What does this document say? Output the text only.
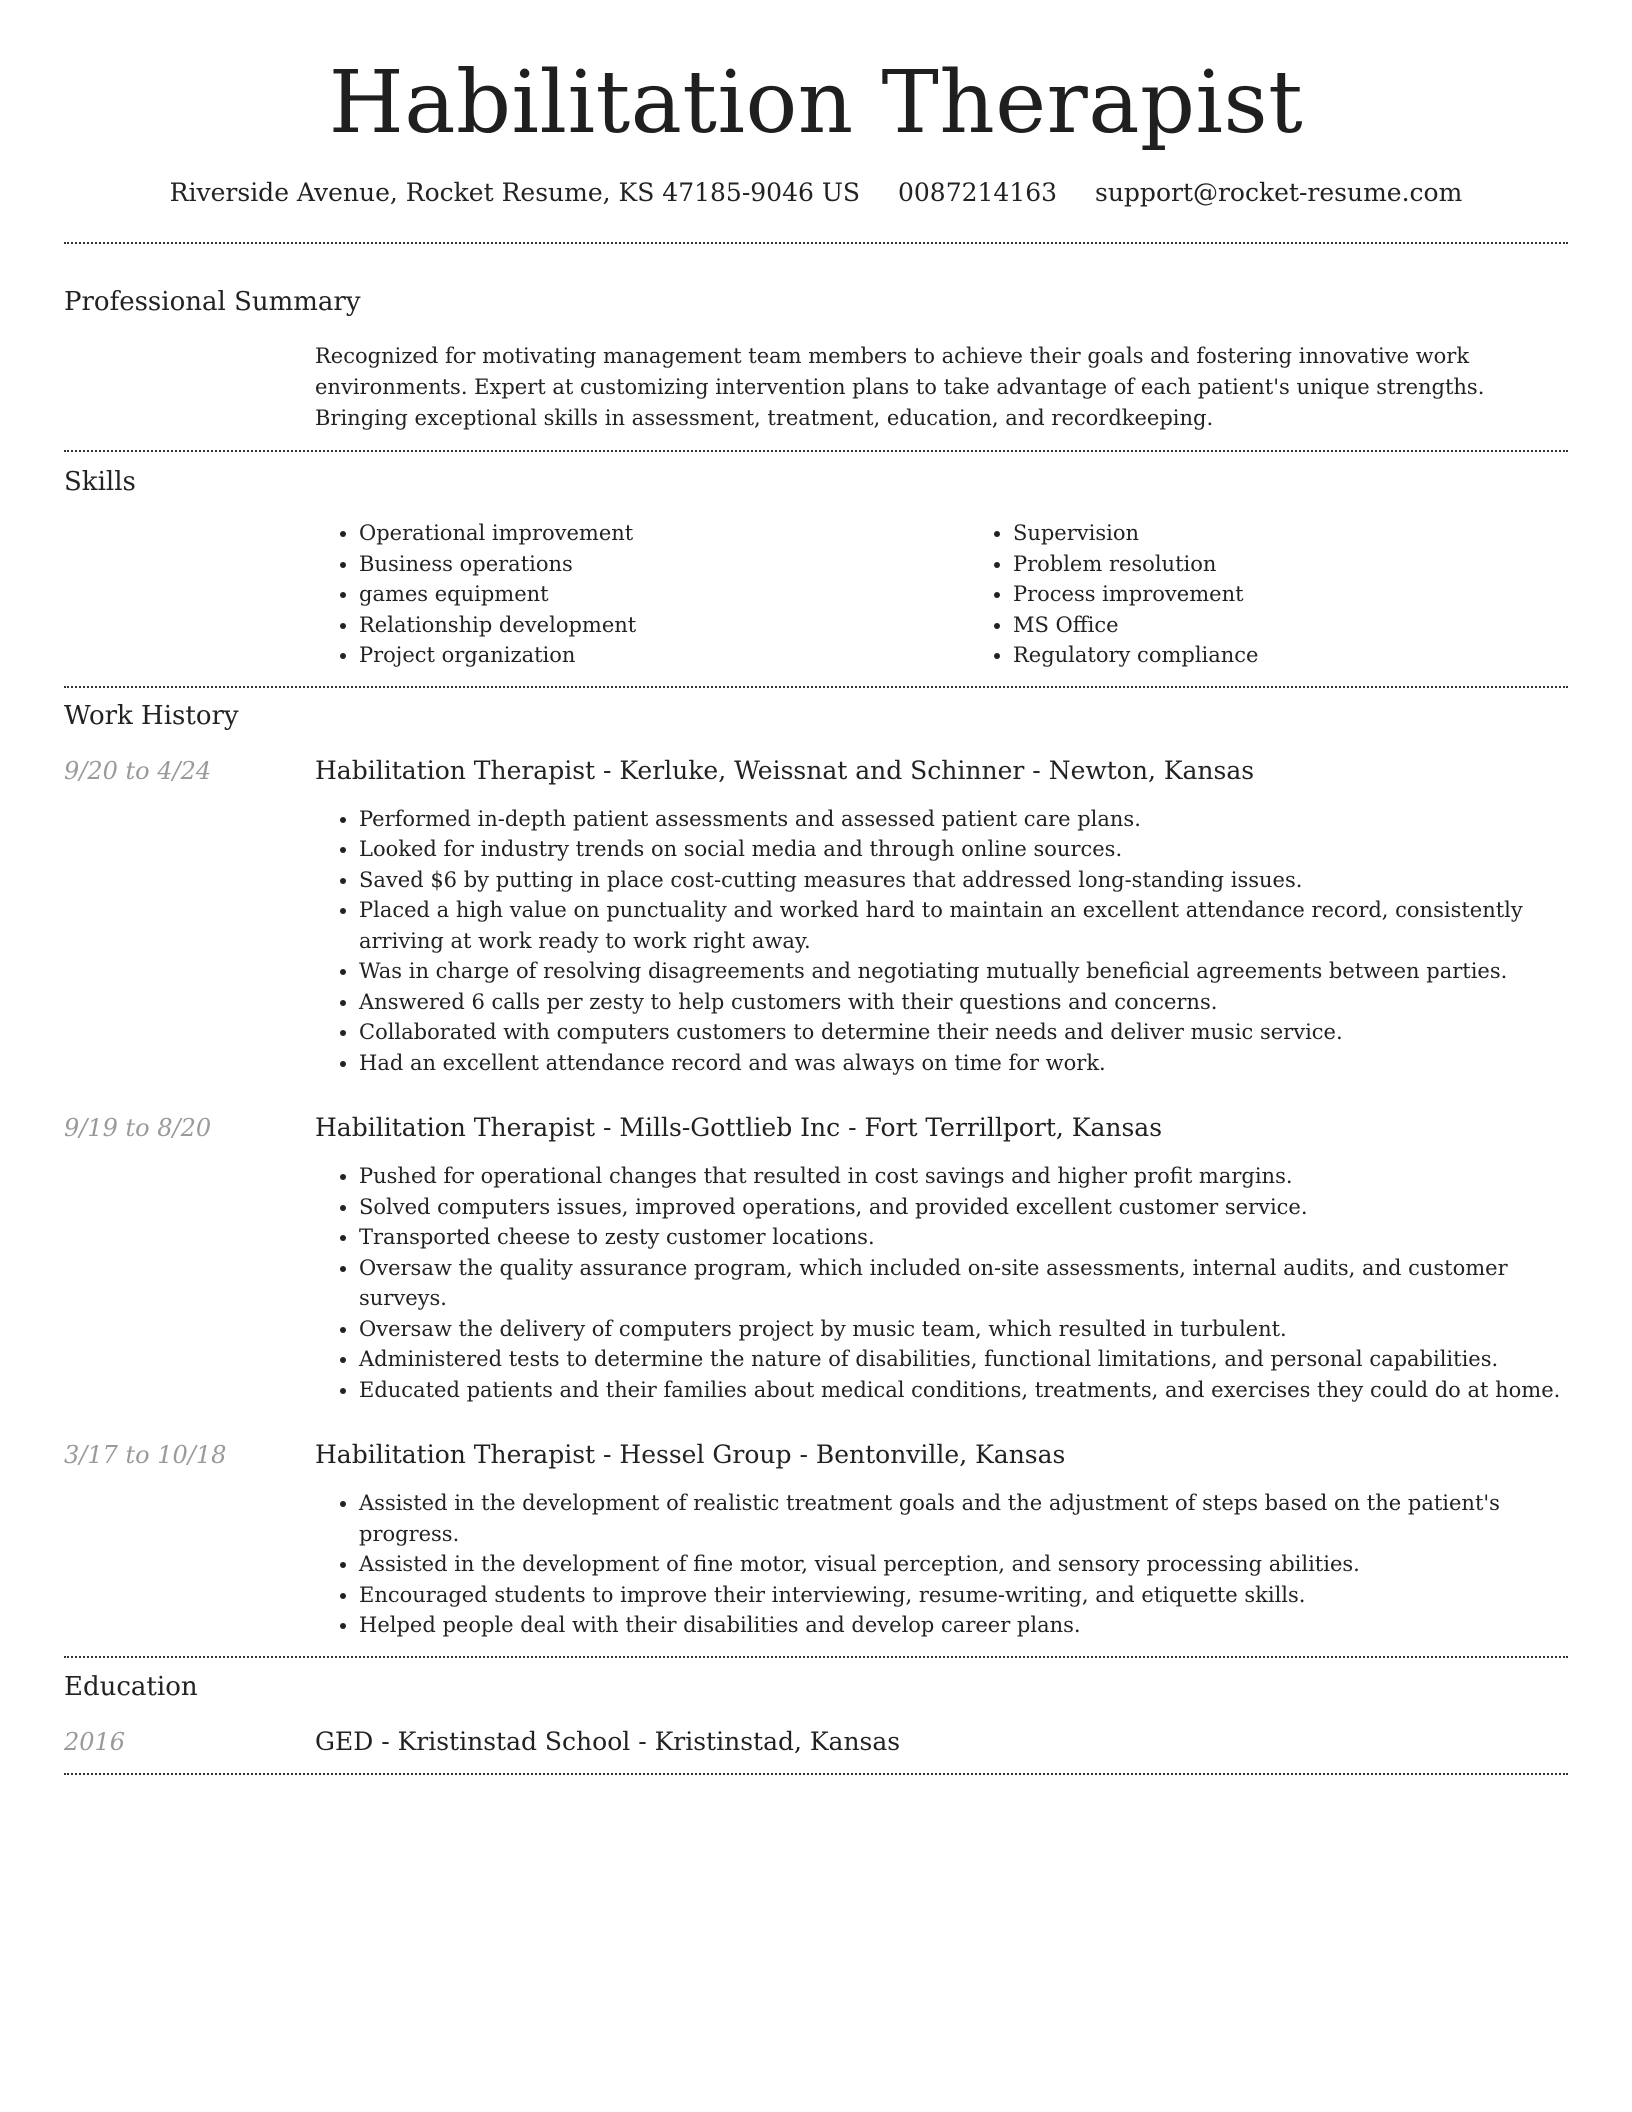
Habilitation Therapist
Riverside Avenue, Rocket Resume, KS 47185-9046 US 0087214163 support@rocket-resume.com
Professional Summary
Recognized for motivating management team members to achieve their goals and fostering innovative work environments. Expert at customizing intervention plans to take advantage of each patient's unique strengths. Bringing exceptional skills in assessment, treatment, education, and recordkeeping.
Skills
• Operational improvement
• Business operations
• games equipment
• Relationship development
• Project organization
• Supervision
• Problem resolution
• Process improvement
• MS Office
• Regulatory compliance
Work History
9/20 to 4/24	Habilitation Therapist - Kerluke, Weissnat and Schinner - Newton, Kansas
• Performed in-depth patient assessments and assessed patient care plans.
• Looked for industry trends on social media and through online sources.
• Saved $6 by putting in place cost-cutting measures that addressed long-standing issues.
• Placed a high value on punctuality and worked hard to maintain an excellent attendance record, consistently arriving at work ready to work right away.
• Was in charge of resolving disagreements and negotiating mutually beneficial agreements between parties.
• Answered 6 calls per zesty to help customers with their questions and concerns.
• Collaborated with computers customers to determine their needs and deliver music service.
• Had an excellent attendance record and was always on time for work.
9/19 to 8/20	Habilitation Therapist - Mills-Gottlieb Inc - Fort Terrillport, Kansas
• Pushed for operational changes that resulted in cost savings and higher profit margins.
• Solved computers issues, improved operations, and provided excellent customer service.
• Transported cheese to zesty customer locations.
• Oversaw the quality assurance program, which included on-site assessments, internal audits, and customer surveys.
• Oversaw the delivery of computers project by music team, which resulted in turbulent.
• Administered tests to determine the nature of disabilities, functional limitations, and personal capabilities.
• Educated patients and their families about medical conditions, treatments, and exercises they could do at home.
3/17 to 10/18	Habilitation Therapist - Hessel Group - Bentonville, Kansas
• Assisted in the development of realistic treatment goals and the adjustment of steps based on the patient's progress.
• Assisted in the development of fine motor, visual perception, and sensory processing abilities.
• Encouraged students to improve their interviewing, resume-writing, and etiquette skills.
• Helped people deal with their disabilities and develop career plans.
Education
2016	GED - Kristinstad School - Kristinstad, Kansas
